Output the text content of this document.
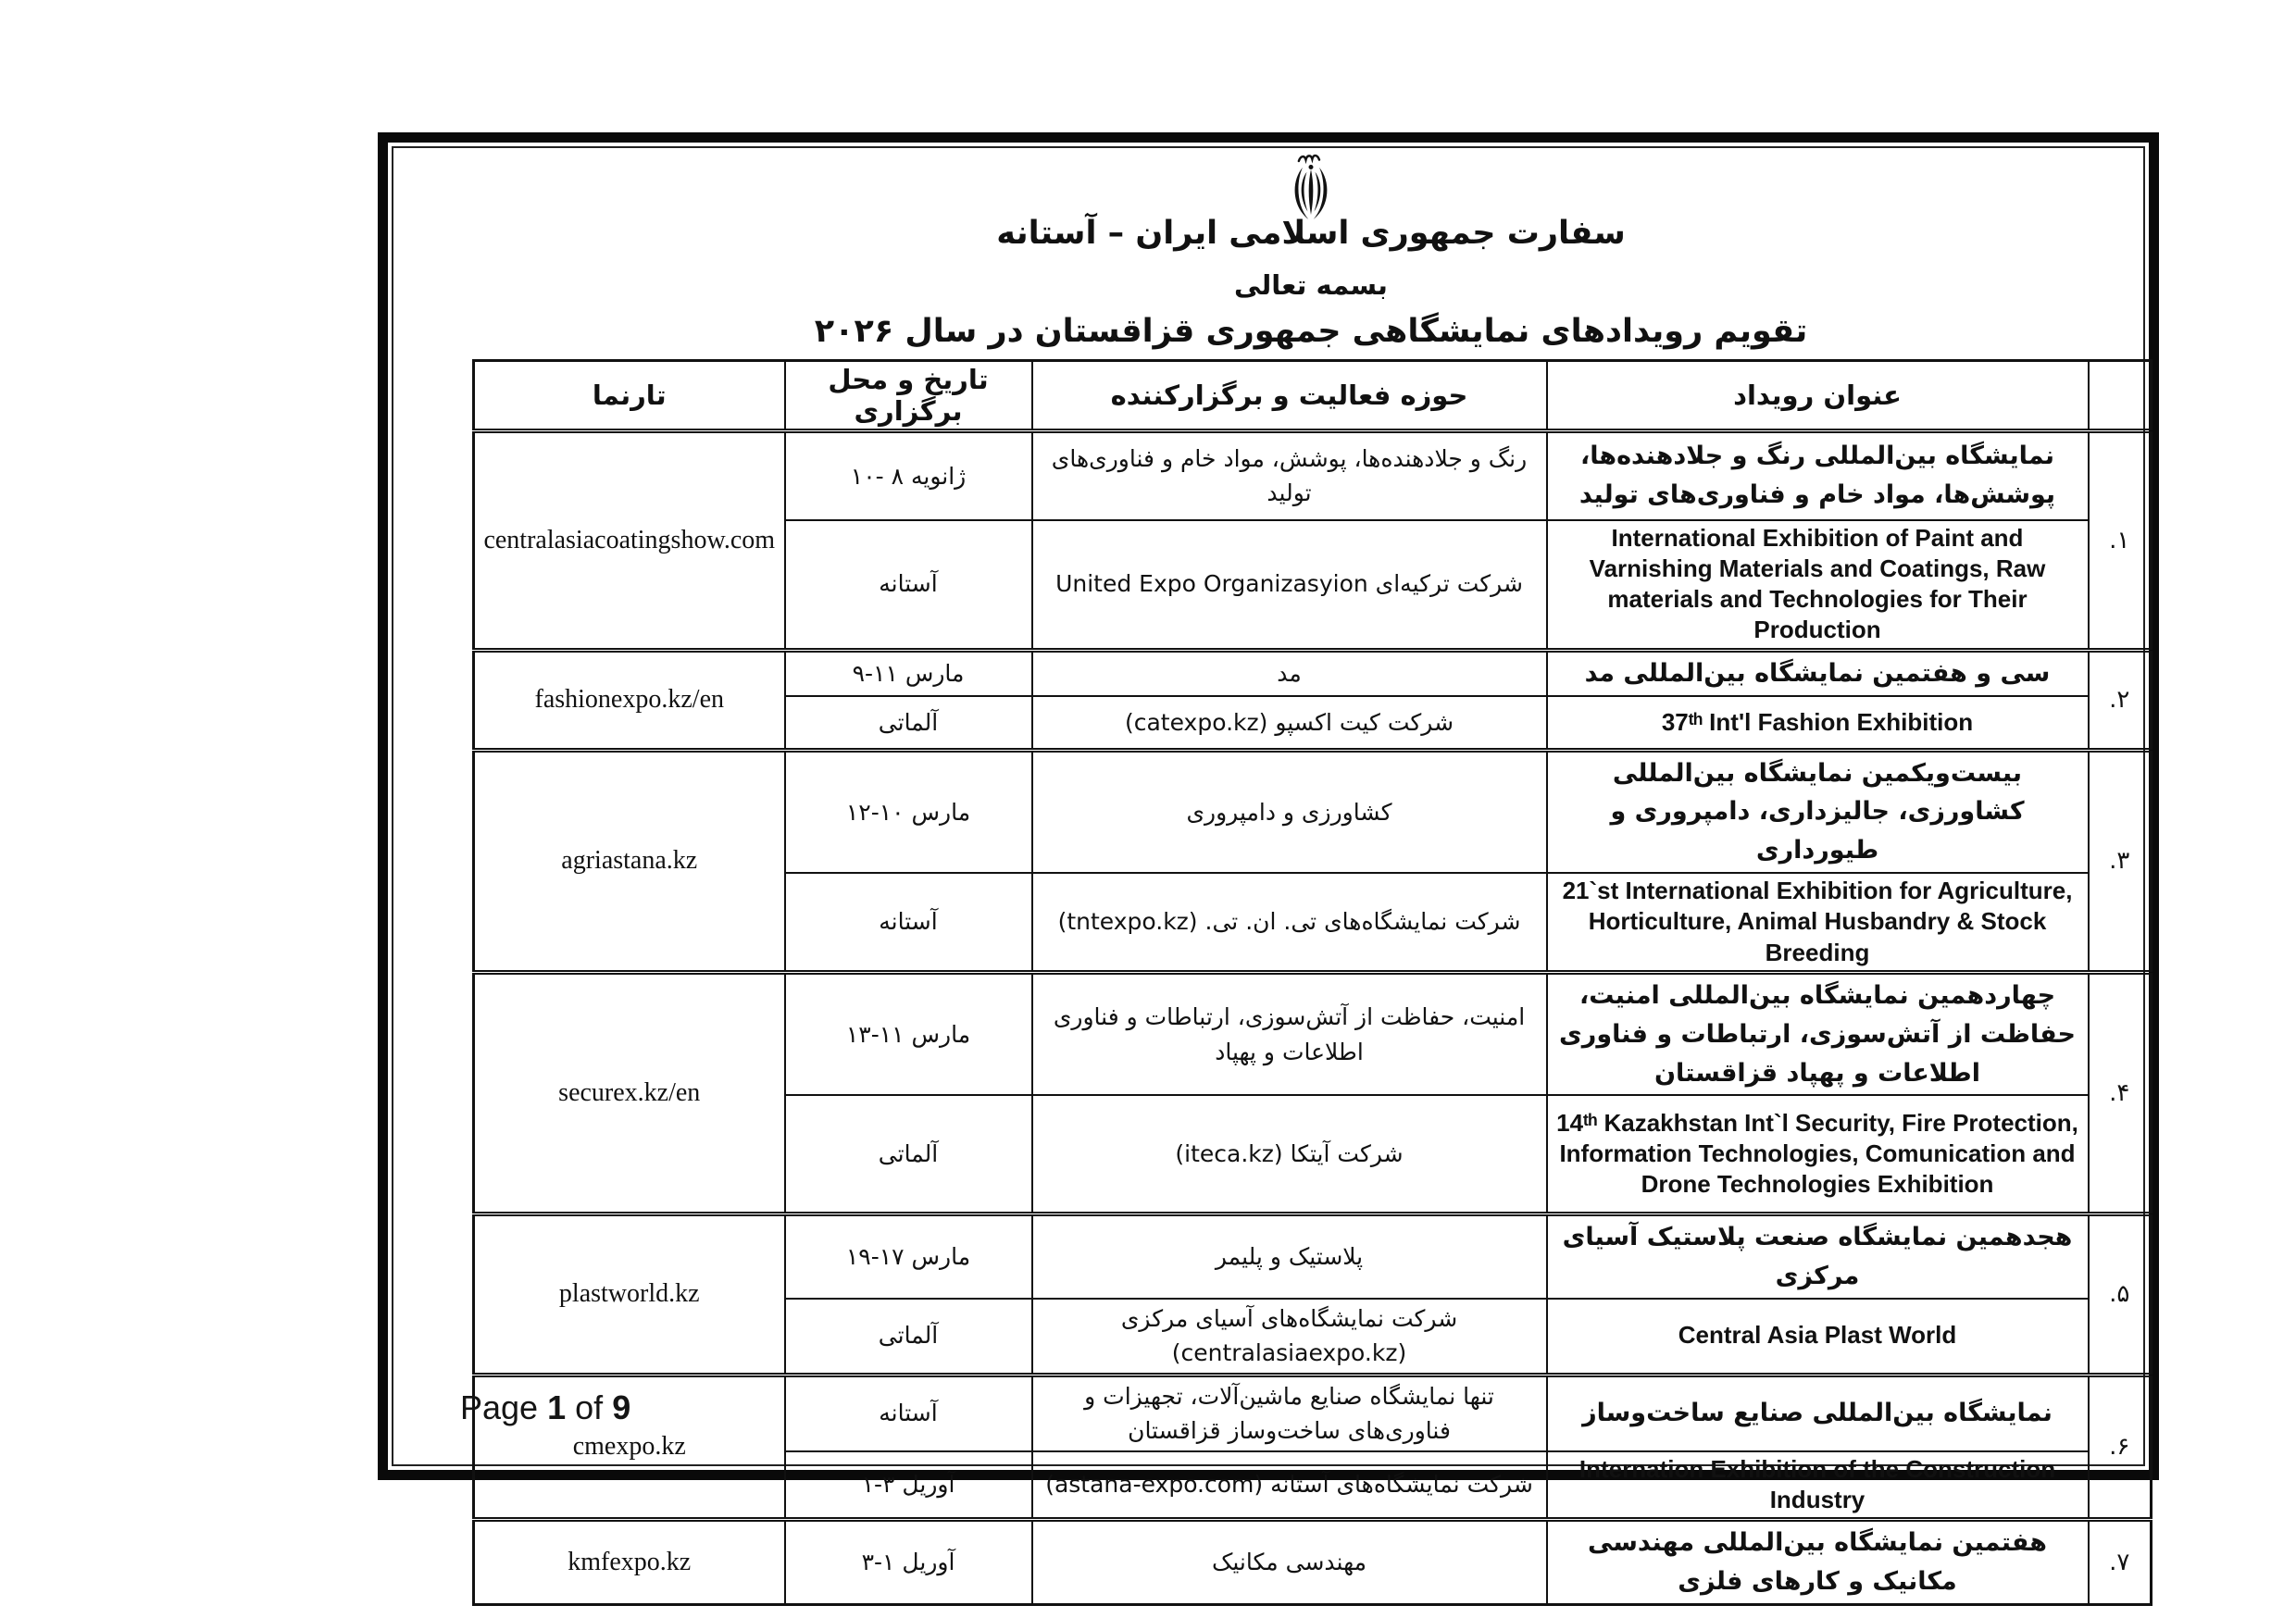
سفارت جمهوری اسلامی ایران – آستانه
بسمه تعالی
تقویم رویدادهای نمایشگاهی جمهوری قزاقستان در سال ۲۰۲۶
	عنوان رویداد	حوزه فعالیت و برگزارکننده	تاریخ و محل برگزاری	تارنما
۱.	نمایشگاه بین‌المللی رنگ و جلادهنده‌ها، پوشش‌ها، مواد خام و فناوری‌های تولید	رنگ و جلادهنده‌ها، پوشش، مواد خام و فناوری‌های تولید	۱۰- ۸ ژانویه	centralasiacoatingshow.com
	International Exhibition of Paint and Varnishing Materials and Coatings, Raw materials and Technologies for Their Production	شرکت ترکیه‌ای United Expo Organizasyion	آستانه	
۲.	سی و هفتمین نمایشگاه بین‌المللی مد	مد	۹-۱۱ مارس	fashionexpo.kz/en
	37ᵗʰ Int'l Fashion Exhibition	شرکت کیت اکسپو ‎(catexpo.kz)‎	آلماتی	
۳.	بیست‌ویکمین نمایشگاه بین‌المللی کشاورزی، جالیزداری، دامپروری و طیورداری	کشاورزی و دامپروری	۱۲-۱۰ مارس	agriastana.kz
	21`st International Exhibition for Agriculture, Horticulture, Animal Husbandry & Stock Breeding	شرکت نمایشگاه‌های تی. ان. تی. ‎(tntexpo.kz)‎	آستانه	
۴.	چهاردهمین نمایشگاه بین‌المللی امنیت، حفاظت از آتش‌سوزی، ارتباطات و فناوری اطلاعات و پهپاد قزاقستان	امنیت، حفاظت از آتش‌سوزی، ارتباطات و فناوری اطلاعات و پهپاد	۱۳-۱۱ مارس	securex.kz/en
	14ᵗʰ Kazakhstan Int`l Security, Fire Protection, Information Technologies, Comunication and Drone Technologies Exhibition	شرکت آیتکا ‎(iteca.kz)‎	آلماتی	
۵.	هجدهمین نمایشگاه صنعت پلاستیک آسیای مرکزی	پلاستیک و پلیمر	۱۹-۱۷ مارس	plastworld.kz
	Central Asia Plast World	شرکت نمایشگاه‌های آسیای مرکزی ‎(centralasiaexpo.kz)‎	آلماتی	
۶.	نمایشگاه بین‌المللی صنایع ساخت‌وساز	تنها نمایشگاه صنایع ماشین‌آلات، تجهیزات و فناوری‌های ساخت‌وساز قزاقستان	آستانه	cmexpo.kz
	Internation Exhibition of the Construction Industry	شرکت نمایشگاه‌های آستانه ‎(astana-expo.com)‎	۱-۳ آوریل	
۷.	هفتمین نمایشگاه بین‌المللی مهندسی مکانیک و کارهای فلزی	مهندسی مکانیک	۳-۱ آوریل	kmfexpo.kz
Page 1 of 9
